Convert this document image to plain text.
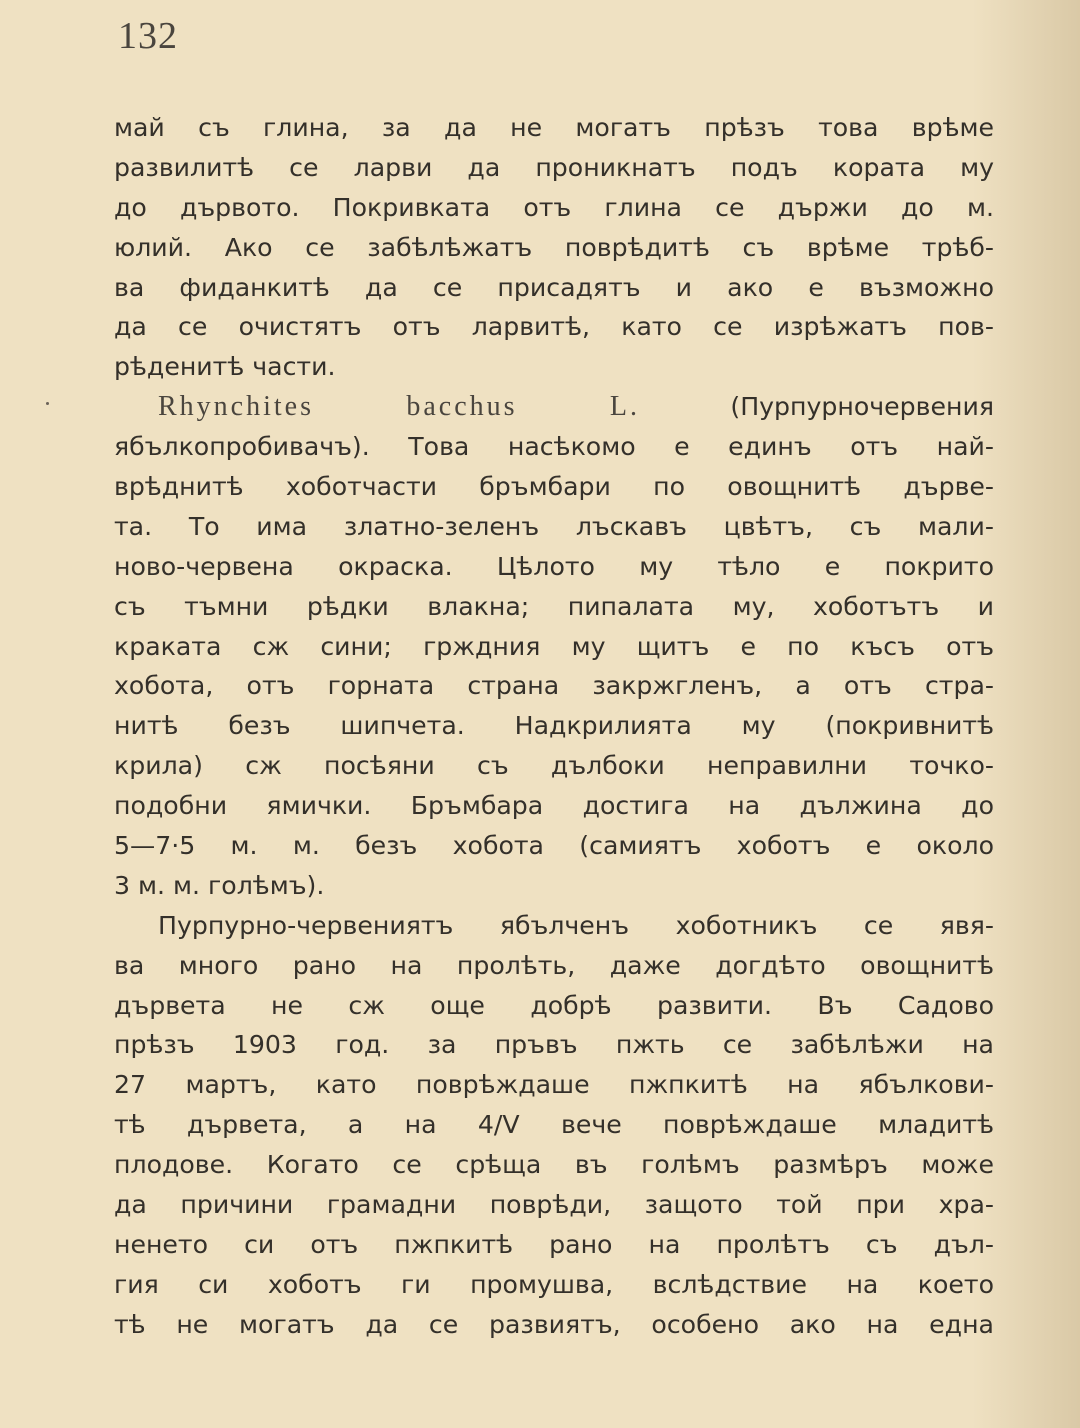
132
май съ глина, за да не могатъ прѣзъ това врѣме
развилитѣ се ларви да проникнатъ подъ кората му
до дървото. Покривката отъ глина се държи до м.
юлий. Ако се забѣлѣжатъ поврѣдитѣ съ врѣме трѣб-
ва фиданкитѣ да се присадятъ и ако е възможно
да се очистятъ отъ ларвитѣ, като се изрѣжатъ пов-
рѣденитѣ части.
Rhynchites bacchus L.	(Пурпурночервения
ябълкопробивачъ). Това насѣкомо е единъ отъ най-
врѣднитѣ хоботчасти бръмбари по овощнитѣ дърве-
та. То има златно-зеленъ лъскавъ цвѣтъ, съ мали-
ново-червена окраска. Цѣлото му тѣло е покрито
съ тъмни рѣдки влакна; пипалата му, хоботътъ и
краката сж сини; грждния му щитъ е по късъ отъ
хобота, отъ горната страна закржгленъ, а отъ стра-
нитѣ безъ шипчета. Надкрилията му (покривнитѣ
крила) сж посѣяни съ дълбоки неправилни точко-
подобни ямички. Бръмбара достига на дължина до
5—7·5 м. м. безъ хобота (самиятъ хоботъ е около
3 м. м. голѣмъ).
Пурпурно-червениятъ ябълченъ хоботникъ се явя-
ва много рано на пролѣть, даже догдѣто овощнитѣ
дървета не сж още добрѣ развити. Въ Садово
прѣзъ 1903 год. за пръвъ пжть се забѣлѣжи на
27 мартъ, като поврѣждаше пжпкитѣ на ябълкови-
тѣ дървета, а на 4/V вече поврѣждаше младитѣ
плодове. Когато се срѣща въ голѣмъ размѣръ може
да причини грамадни поврѣди, защото той при хра-
ненето си отъ пжпкитѣ рано на пролѣтъ съ дъл-
гия си хоботъ ги промушва, вслѣдствие на което
тѣ не могатъ да се развиятъ, особено ако на една
